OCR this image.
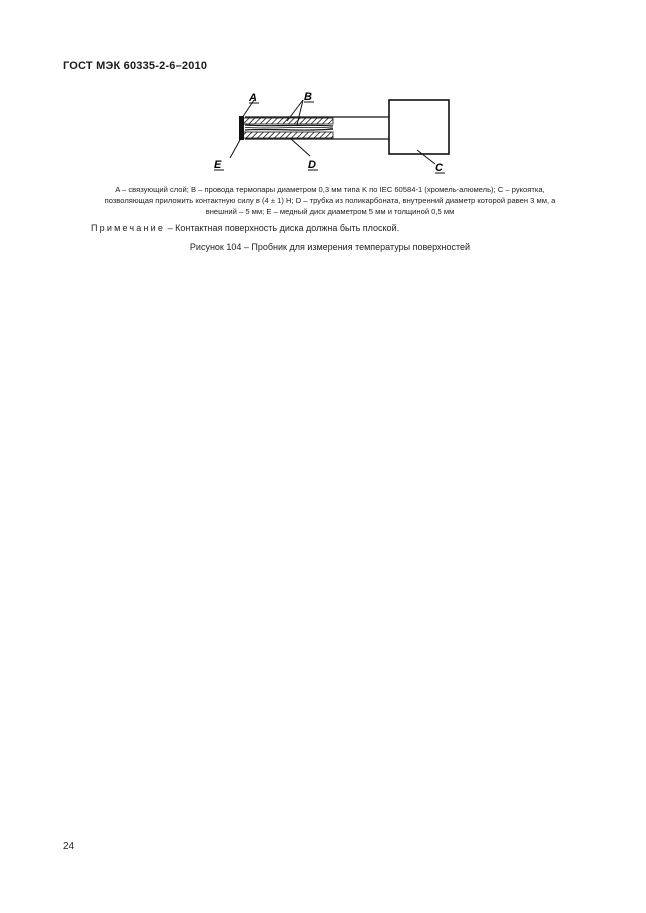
ГОСТ МЭК 60335-2-6–2010
A	B
E	D	C
A – связующий слой; B – провода термопары диаметром 0,3 мм типа K по IEC 60584-1 (хромель-алюмель); C – рукоятка,
позволяющая приложить контактную силу в (4 ± 1) Н; D – трубка из поликарбоната, внутренний диаметр которой равен 3 мм, а
внешний – 5 мм; E – медный диск диаметром 5 мм и толщиной 0,5 мм
Примечание – Контактная поверхность диска должна быть плоской.
Рисунок 104 – Пробник для измерения температуры поверхностей
24
